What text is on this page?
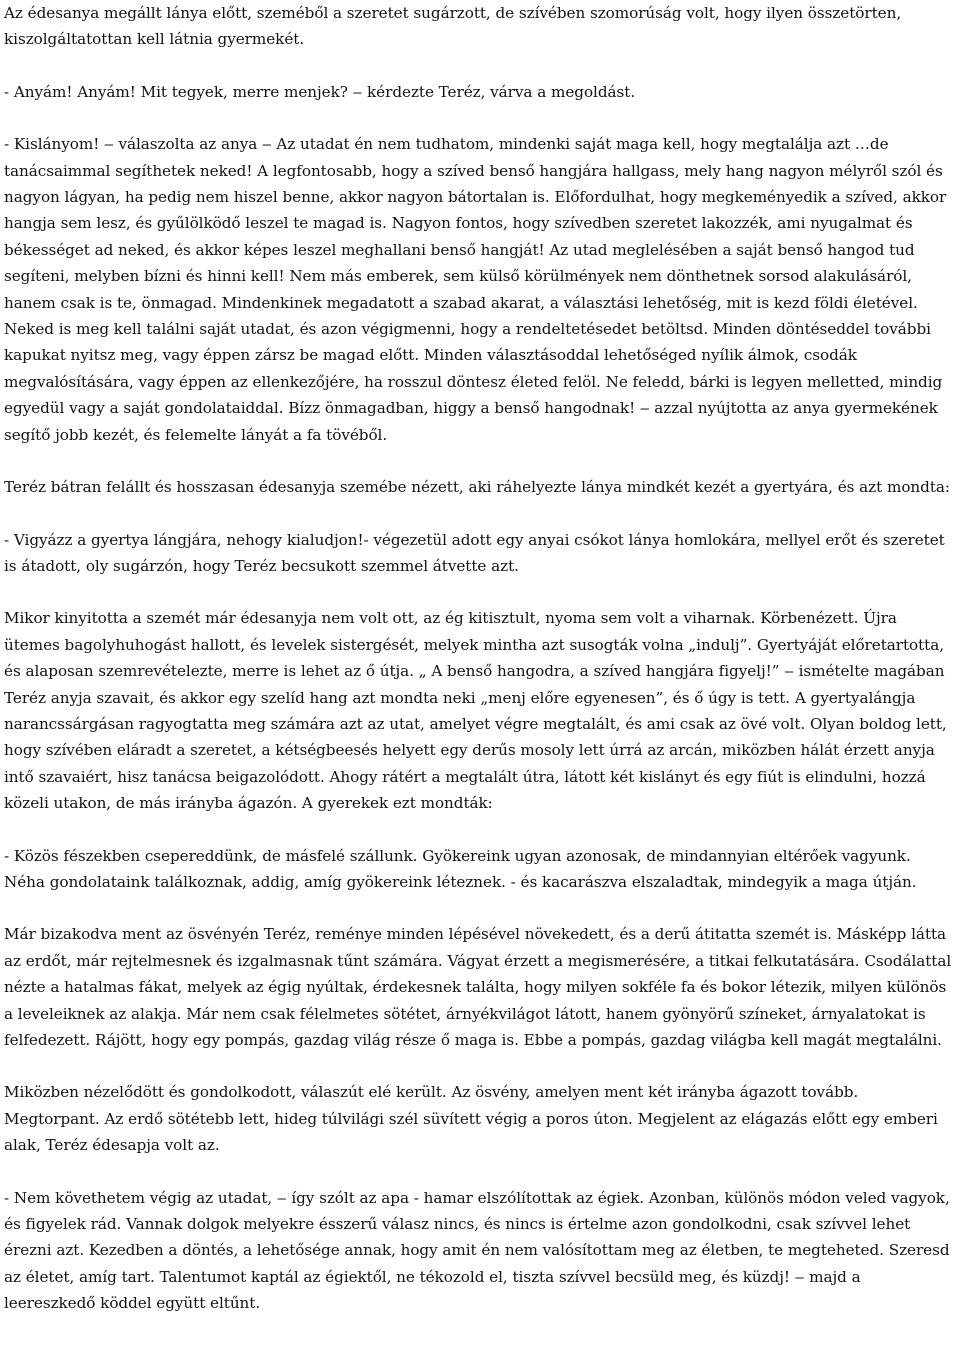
Az édesanya megállt lánya előtt, szeméből a szeretet sugárzott, de szívében szomorúság volt, hogy ilyen összetörten, kiszolgáltatottan kell látnia gyermekét.

- Anyám! Anyám! Mit tegyek, merre menjek? ‒ kérdezte Teréz, várva a megoldást.

- Kislányom! ‒ válaszolta az anya ‒ Az utadat én nem tudhatom, mindenki saját maga kell, hogy megtalálja azt …de tanácsaimmal segíthetek neked! A legfontosabb, hogy a szíved benső hangjára hallgass, mely hang nagyon mélyről szól és nagyon lágyan, ha pedig nem hiszel benne, akkor nagyon bátortalan is. Előfordulhat, hogy megkeményedik a szíved, akkor hangja sem lesz, és gyűlölködő leszel te magad is. Nagyon fontos, hogy szívedben szeretet lakozzék, ami nyugalmat és békességet ad neked, és akkor képes leszel meghallani benső hangját! Az utad meglelésében a saját benső hangod tud segíteni, melyben bízni és hinni kell! Nem más emberek, sem külső körülmények nem dönthetnek sorsod alakulásáról, hanem csak is te, önmagad. Mindenkinek megadatott a szabad akarat, a választási lehetőség, mit is kezd földi életével. Neked is meg kell találni saját utadat, és azon végigmenni, hogy a rendeltetésedet betöltsd. Minden döntéseddel további kapukat nyitsz meg, vagy éppen zársz be magad előtt. Minden választásoddal lehetőséged nyílik álmok, csodák megvalósítására, vagy éppen az ellenkezőjére, ha rosszul döntesz életed felöl. Ne feledd, bárki is legyen melletted, mindig egyedül vagy a saját gondolataiddal. Bízz önmagadban, higgy a benső hangodnak! ‒ azzal nyújtotta az anya gyermekének segítő jobb kezét, és felemelte lányát a fa tövéből.

Teréz bátran felállt és hosszasan édesanyja szemébe nézett, aki ráhelyezte lánya mindkét kezét a gyertyára, és azt mondta:

- Vigyázz a gyertya lángjára, nehogy kialudjon!- végezetül adott egy anyai csókot lánya homlokára, mellyel erőt és szeretet is átadott, oly sugárzón, hogy Teréz becsukott szemmel átvette azt.

Mikor kinyitotta a szemét már édesanyja nem volt ott, az ég kitisztult, nyoma sem volt a viharnak. Körbenézett. Újra ütemes bagolyhuhogást hallott, és levelek sistergését, melyek mintha azt susogták volna „indulj”. Gyertyáját előretartotta, és alaposan szemrevételezte, merre is lehet az ő útja. „ A benső hangodra, a szíved hangjára figyelj!” ‒ ismételte magában Teréz anyja szavait, és akkor egy szelíd hang azt mondta neki „menj előre egyenesen”, és ő úgy is tett. A gyertyalángja narancssárgásan ragyogtatta meg számára azt az utat, amelyet végre megtalált, és ami csak az övé volt. Olyan boldog lett, hogy szívében eláradt a szeretet, a kétségbeesés helyett egy derűs mosoly lett úrrá az arcán, miközben hálát érzett anyja intő szavaiért, hisz tanácsa beigazolódott. Ahogy rátért a megtalált útra, látott két kislányt és egy fiút is elindulni, hozzá közeli utakon, de más irányba ágazón. A gyerekek ezt mondták:

- Közös fészekben csepereddünk, de másfelé szállunk. Gyökereink ugyan azonosak, de mindannyian eltérőek vagyunk. Néha gondolataink találkoznak, addig, amíg gyökereink léteznek. - és kacarászva elszaladtak, mindegyik a maga útján.

Már bizakodva ment az ösvényén Teréz, reménye minden lépésével növekedett, és a derű átitatta szemét is. Másképp látta az erdőt, már rejtelmesnek és izgalmasnak tűnt számára. Vágyat érzett a megismerésére, a titkai felkutatására. Csodálattal nézte a hatalmas fákat, melyek az égig nyúltak, érdekesnek találta, hogy milyen sokféle fa és bokor létezik, milyen különös a leveleiknek az alakja. Már nem csak félelmetes sötétet, árnyékvilágot látott, hanem gyönyörű színeket, árnyalatokat is felfedezett. Rájött, hogy egy pompás, gazdag világ része ő maga is. Ebbe a pompás, gazdag világba kell magát megtalálni.

Miközben nézelődött és gondolkodott, válaszút elé került. Az ösvény, amelyen ment két irányba ágazott tovább. Megtorpant. Az erdő sötétebb lett, hideg túlvilági szél süvített végig a poros úton. Megjelent az elágazás előtt egy emberi alak, Teréz édesapja volt az.

- Nem követhetem végig az utadat, ‒ így szólt az apa - hamar elszólítottak az égiek. Azonban, különös módon veled vagyok, és figyelek rád. Vannak dolgok melyekre ésszerű válasz nincs, és nincs is értelme azon gondolkodni, csak szívvel lehet érezni azt. Kezedben a döntés, a lehetősége annak, hogy amit én nem valósítottam meg az életben, te megteheted. Szeresd az életet, amíg tart. Talentumot kaptál az égiektől, ne tékozold el, tiszta szívvel becsüld meg, és küzdj! ‒ majd a leereszkedő köddel együtt eltűnt.
